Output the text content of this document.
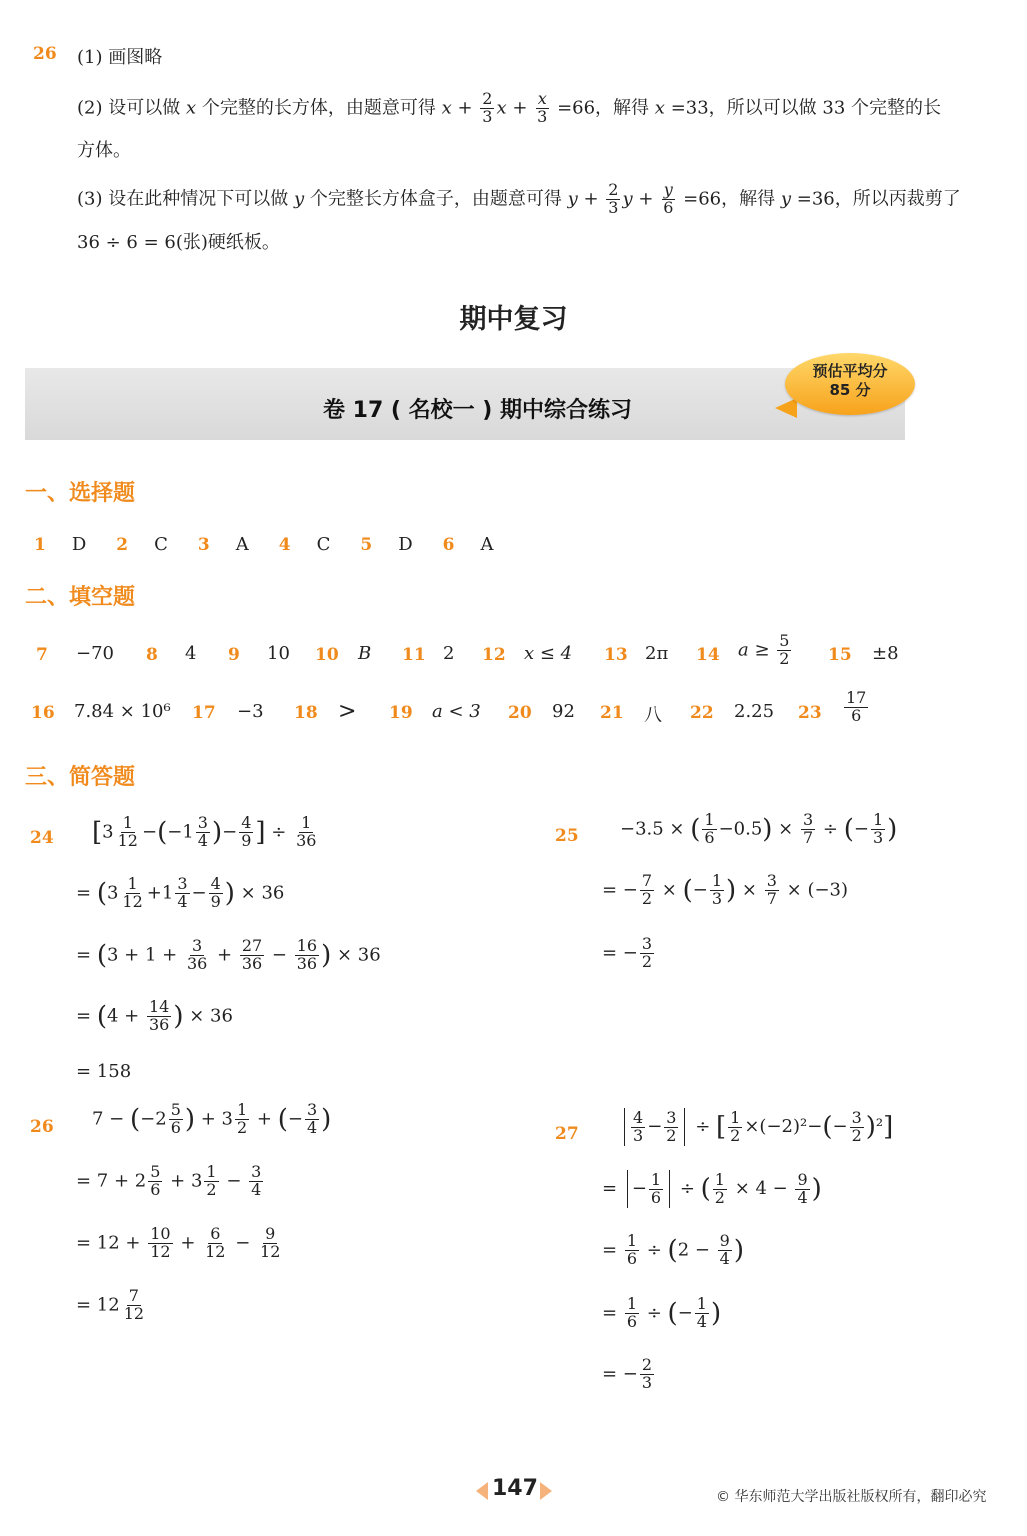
26 (1) 画图略
(2) 设可以做 x 个完整的长方体，由题意可得 $x + \frac{2}{3}$ $x + \frac{x}{3} =66$，解得 x =33，所以可以做 33 个完整的长
方体。
(3) 设在此种情况下可以做 y 个完整长方体盒子，由题意可得 $y + \frac{2}{3}$ $y + \frac{y}{6} =66$，解得 y =36，所以丙裁剪了
36 ÷ 6 = 6(张)硬纸板。
期中复习
卷 17 ( 名校一 ) 期中综合练习
预估平均分
85 分
一、选择题
1 D 2 C 3 A 4 C 5 D 6 A
二、填空题
7 −70 8 4 9 10 10 B 11 2 12 x ≤ 4 13 2π 14 $a \ge \frac{5}{2} 15 \pm 8$
16 7.84 × 10⁶ 17 −3 18 > 19 a < 3 20 92 21 八 22 2.25 $23 \frac{17}{6}$
三、简答题
24 [$3 \frac{1}{12} -(-1 \frac{3}{4}$ )− $\frac{4}{9}$ ] ÷ $\frac{1}{36}$
= ($3 \frac{1}{12} +1 \frac{3}{4} - \frac{4}{9}$ ) × 36
= ($3 + 1 + \frac{3}{36} + \frac{27}{36} - \frac{16}{36}$ ) × 36
= ($4 + \frac{14}{36}$ ) × 36
= 158
25 −3.5 × ( $\frac{1}{6} -0.5) \times \frac{3}{7}$ ÷ (− $\frac{1}{3}$ )
= − $\frac{7}{2}$ × (− $\frac{1}{3}$ ) × $\frac{3}{7} \times (-3)$
= − $\frac{3}{2}$
26 $7 - (-2 \frac{5}{6}$ ) + $3 \frac{1}{2}$ + (− $\frac{3}{4}$ )
= $7 + 2 \frac{5}{6} + 3 \frac{1}{2} - \frac{3}{4}$
= $12 + \frac{10}{12} + \frac{6}{12} - \frac{9}{12}$
= $12 \frac{7}{12}$
27	$\frac{4}{3} - \frac{3}{2}$ ÷ [ $\frac{1}{2} \times(-2)^2-(- \frac{3}{2} )^2$]
= − $\frac{1}{6}$ ÷ ( $\frac{1}{2} \times 4 - \frac{9}{4}$ )
= $\frac{1}{6} \div (2 - \frac{9}{4}$ )
= $\frac{1}{6}$ ÷ (− $\frac{1}{4}$ )
= − $\frac{2}{3}$
147	© 华东师范大学出版社版权所有，翻印必究
